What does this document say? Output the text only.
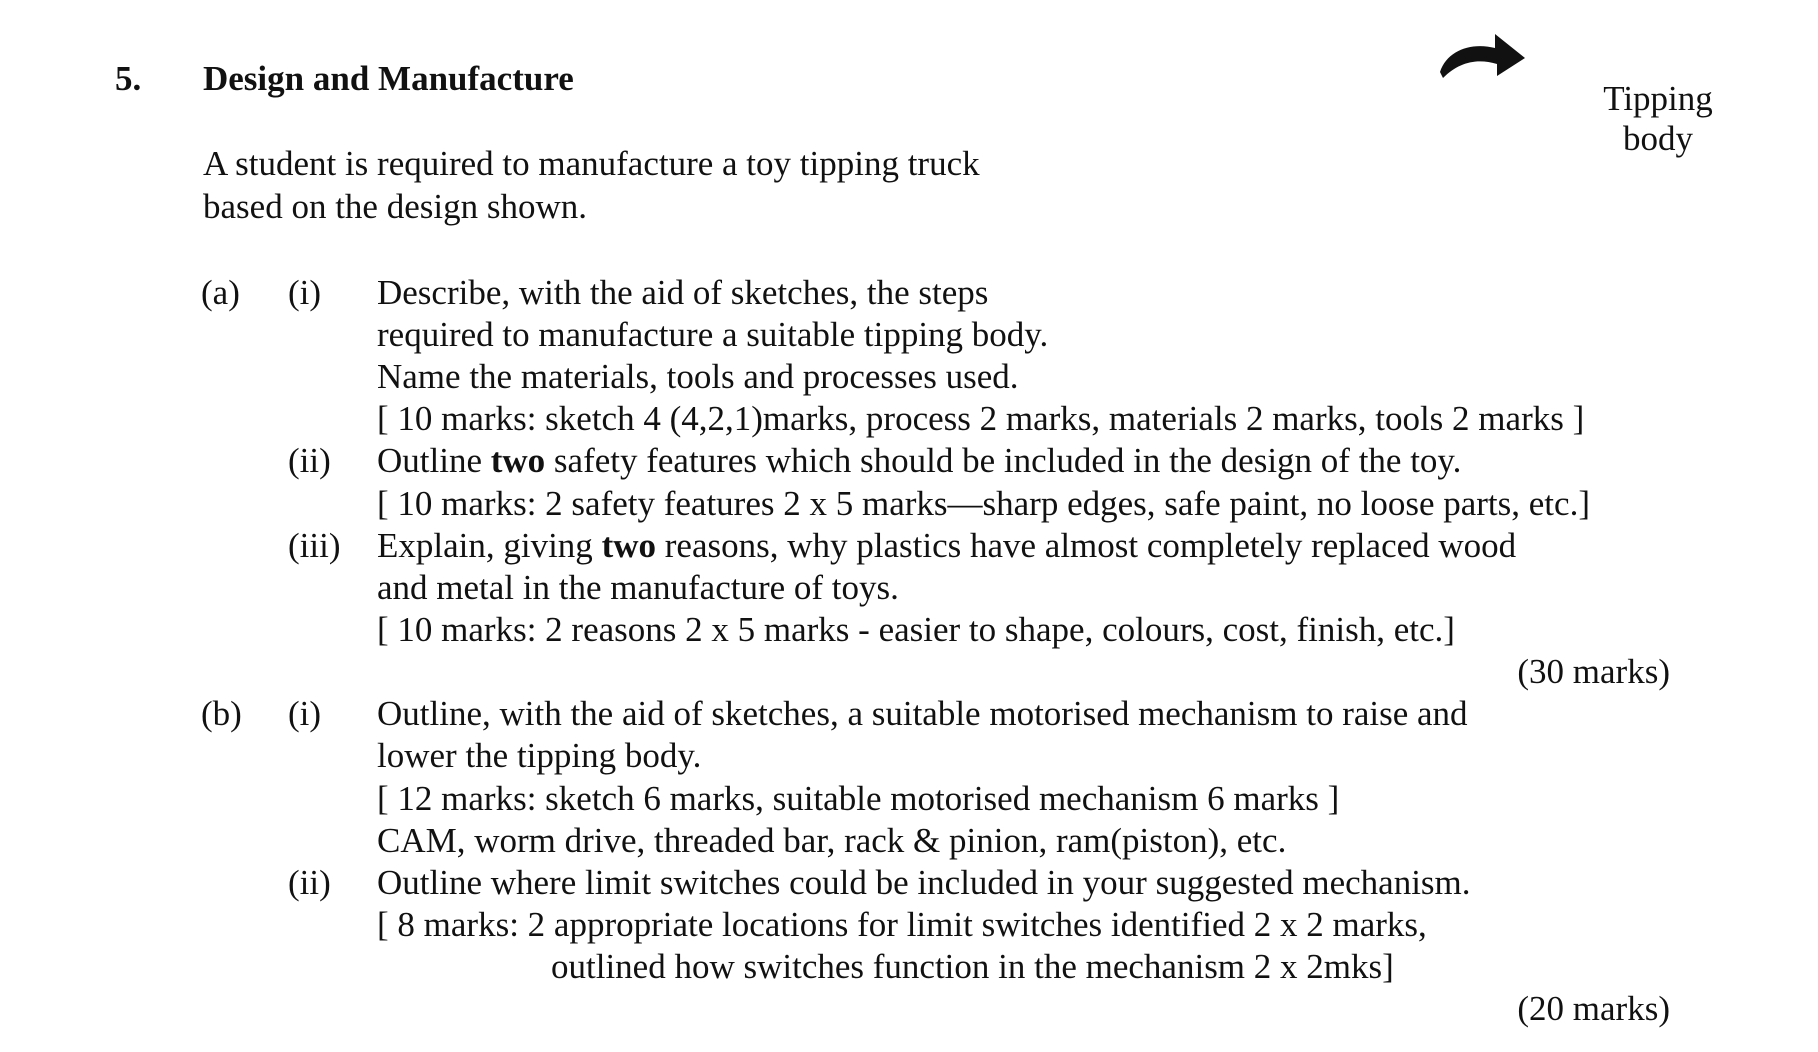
5. Design and Manufacture
A student is required to manufacture a toy tipping truck
based on the design shown.
Tipping
body
(a) (i) Describe, with the aid of sketches, the steps
required to manufacture a suitable tipping body.
Name the materials, tools and processes used.
[ 10 marks: sketch 4 (4,2,1)marks, process 2 marks, materials 2 marks, tools 2 marks ]
(ii) Outline two safety features which should be included in the design of the toy.
[ 10 marks: 2 safety features 2 x 5 marks—sharp edges, safe paint, no loose parts, etc.]
(iii) Explain, giving two reasons, why plastics have almost completely replaced wood
and metal in the manufacture of toys.
[ 10 marks: 2 reasons 2 x 5 marks - easier to shape, colours, cost, finish, etc.]
(30 marks)
(b) (i) Outline, with the aid of sketches, a suitable motorised mechanism to raise and
lower the tipping body.
[ 12 marks: sketch 6 marks, suitable motorised mechanism 6 marks ]
CAM, worm drive, threaded bar, rack & pinion, ram(piston), etc.
(ii) Outline where limit switches could be included in your suggested mechanism.
[ 8 marks: 2 appropriate locations for limit switches identified 2 x 2 marks,
outlined how switches function in the mechanism 2 x 2mks]
(20 marks)
